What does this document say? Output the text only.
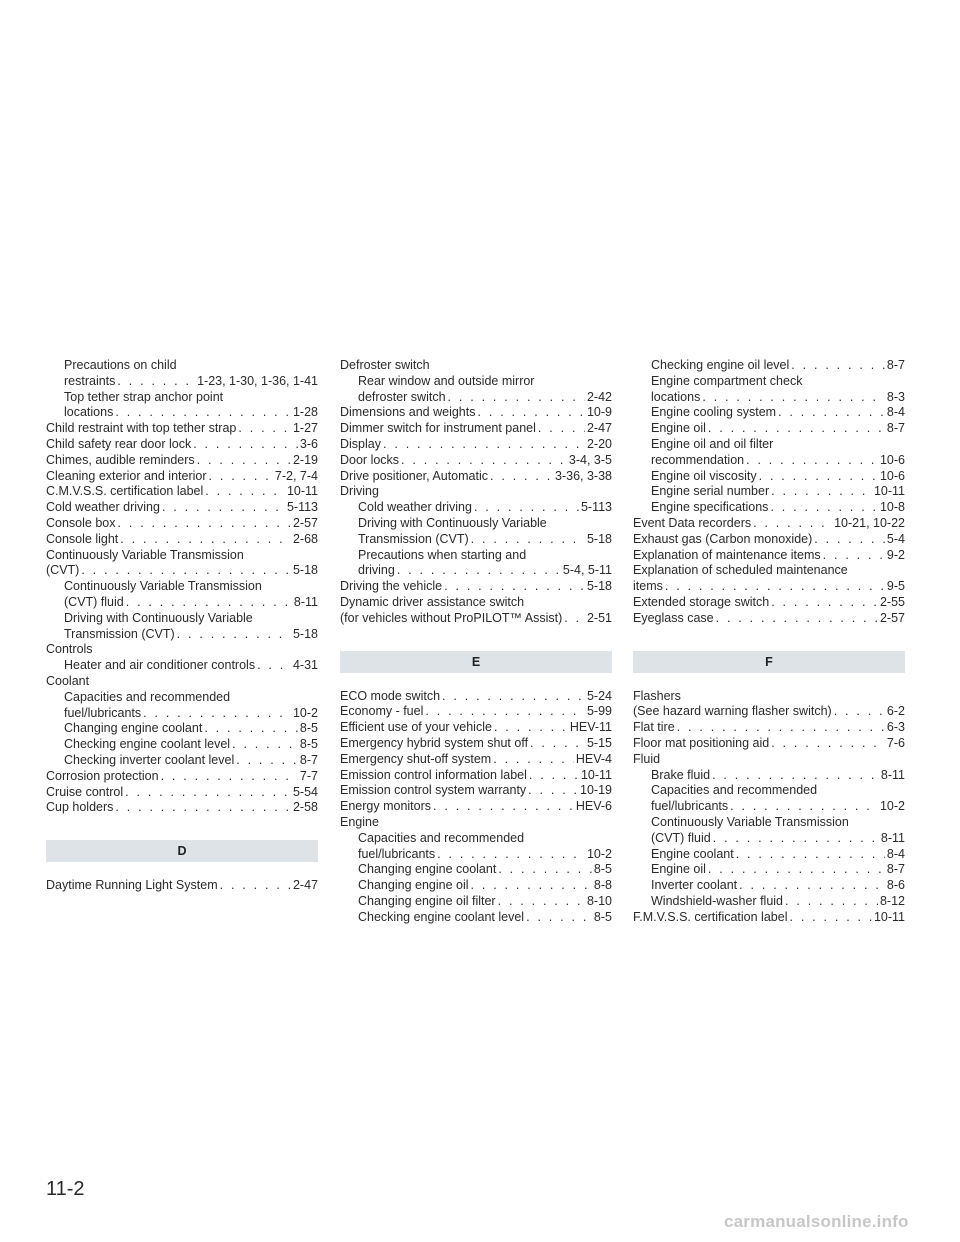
Precautions on child
restraints . . .	1-23, 1-30, 1-36, 1-41
Top tether strap anchor point
locations . . .	1-28
Child restraint with top tether strap . . .	1-27
Child safety rear door lock . . .	3-6
Chimes, audible reminders . . .	2-19
Cleaning exterior and interior . . .	7-2, 7-4
C.M.V.S.S. certification label . . .	10-11
Cold weather driving . . .	5-113
Console box . . .	2-57
Console light . . .	2-68
Continuously Variable Transmission
(CVT) . . .	5-18
Continuously Variable Transmission
(CVT) fluid . . .	8-11
Driving with Continuously Variable
Transmission (CVT) . . .	5-18
Controls
Heater and air conditioner controls . . .	4-31
Coolant
Capacities and recommended
fuel/lubricants . . .	10-2
Changing engine coolant . . .	8-5
Checking engine coolant level . . .	8-5
Checking inverter coolant level . . .	8-7
Corrosion protection . . .	7-7
Cruise control . . .	5-54
Cup holders . . .	2-58
D
Daytime Running Light System . . .	2-47
Defroster switch
Rear window and outside mirror
defroster switch . . .	2-42
Dimensions and weights . . .	10-9
Dimmer switch for instrument panel . . .	2-47
Display . . .	2-20
Door locks . . .	3-4, 3-5
Drive positioner, Automatic . . .	3-36, 3-38
Driving
Cold weather driving . . .	5-113
Driving with Continuously Variable
Transmission (CVT) . . .	5-18
Precautions when starting and
driving . . .	5-4, 5-11
Driving the vehicle . . .	5-18
Dynamic driver assistance switch
(for vehicles without ProPILOT™ Assist) . . . 2-51
E
ECO mode switch . . .	5-24
Economy - fuel . . .	5-99
Efficient use of your vehicle . . .	HEV-11
Emergency hybrid system shut off . . .	5-15
Emergency shut-off system . . .	HEV-4
Emission control information label . . .	10-11
Emission control system warranty . . .	10-19
Energy monitors . . .	HEV-6
Engine
Capacities and recommended
fuel/lubricants . . .	10-2
Changing engine coolant . . .	8-5
Changing engine oil . . .	8-8
Changing engine oil filter . . .	8-10
Checking engine coolant level . . .	8-5
Checking engine oil level . . .	8-7
Engine compartment check
locations . . .	8-3
Engine cooling system . . .	8-4
Engine oil . . .	8-7
Engine oil and oil filter
recommendation . . .	10-6
Engine oil viscosity . . .	10-6
Engine serial number . . .	10-11
Engine specifications . . .	10-8
Event Data recorders . . .	10-21, 10-22
Exhaust gas (Carbon monoxide) . . .	5-4
Explanation of maintenance items . . .	9-2
Explanation of scheduled maintenance
items . . .	9-5
Extended storage switch . . .	2-55
Eyeglass case . . .	2-57
F
Flashers
(See hazard warning flasher switch) . . .	6-2
Flat tire . . .	6-3
Floor mat positioning aid . . .	7-6
Fluid
Brake fluid . . .	8-11
Capacities and recommended
fuel/lubricants . . .	10-2
Continuously Variable Transmission
(CVT) fluid . . .	8-11
Engine coolant . . .	8-4
Engine oil . . .	8-7
Inverter coolant . . .	8-6
Windshield-washer fluid . . .	8-12
F.M.V.S.S. certification label . . .	10-11
11-2
carmanualsonline.info
